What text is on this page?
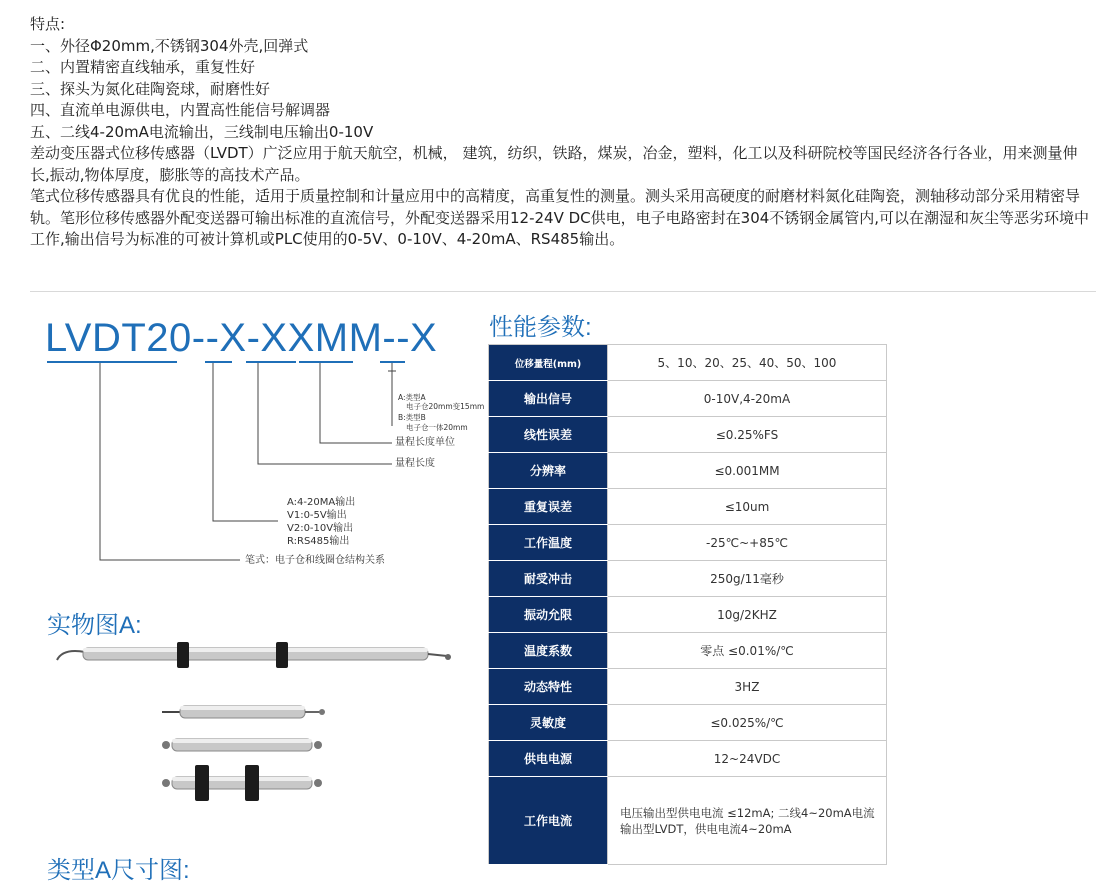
特点:
一、外径Φ20mm,不锈钢304外壳,回弹式
二、内置精密直线轴承，重复性好
三、探头为氮化硅陶瓷球，耐磨性好
四、直流单电源供电，内置高性能信号解调器
五、二线4-20mA电流输出，三线制电压输出0-10V
差动变压器式位移传感器（LVDT）广泛应用于航天航空，机械， 建筑，纺织，铁路，煤炭，冶金，塑料，化工以及科研院校等国民经济各行各业，用来测量伸长,振动,物体厚度，膨胀等的高技术产品。
笔式位移传感器具有优良的性能，适用于质量控制和计量应用中的高精度，高重复性的测量。测头采用高硬度的耐磨材料氮化硅陶瓷，测轴移动部分采用精密导轨。笔形位移传感器外配变送器可输出标准的直流信号，外配变送器采用12-24V DC供电，电子电路密封在304不锈钢金属管内,可以在潮湿和灰尘等恶劣环境中工作,输出信号为标准的可被计算机或PLC使用的0-5V、0-10V、4-20mA、RS485输出。
LVDT20--X-XXMM--X
A:类型A
电子仓20mm变15mm
B:类型B
电子仓一体20mm
量程长度单位
量程长度
A:4-20MA输出
V1:0-5V输出
V2:0-10V输出
R:RS485输出
笔式：电子仓和线圈仓结构关系
性能参数:
实物图A:
类型A尺寸图:
位移量程(mm)	5、10、20、25、40、50、100
输出信号	0-10V,4-20mA
线性误差	≤0.25%FS
分辨率	≤0.001MM
重复误差	≤10um
工作温度	-25℃~+85℃
耐受冲击	250g/11毫秒
振动允限	10g/2KHZ
温度系数	零点 ≤0.01%/℃
动态特性	3HZ
灵敏度	≤0.025%/℃
供电电源	12~24VDC
工作电流	电压输出型供电电流 ≤12mA; 二线4~20mA电流输出型LVDT，供电电流4~20mA
